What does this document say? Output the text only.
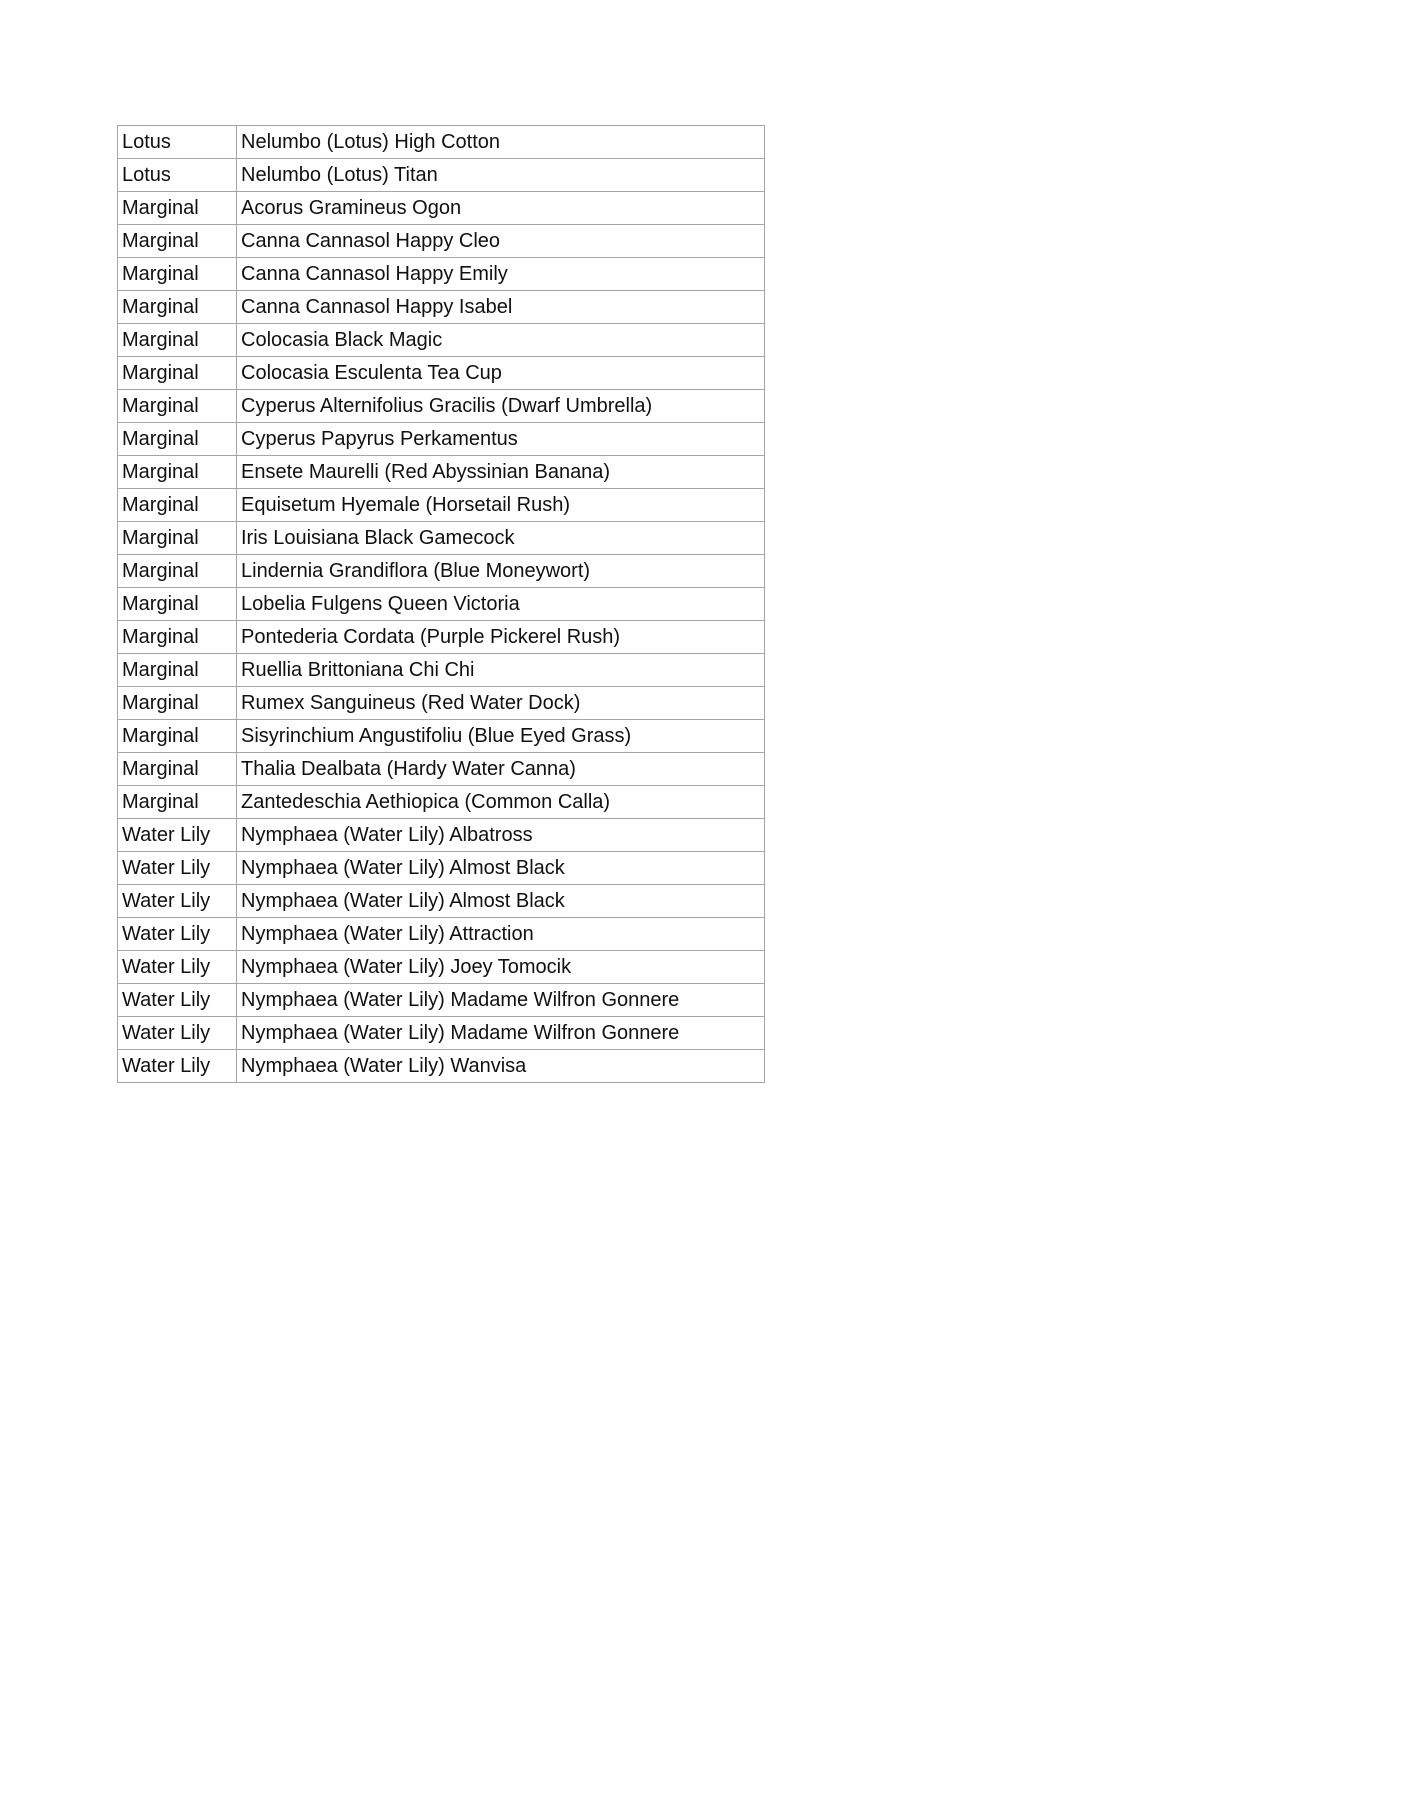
Lotus	Nelumbo (Lotus) High Cotton
Lotus	Nelumbo (Lotus) Titan
Marginal	Acorus Gramineus Ogon
Marginal	Canna Cannasol Happy Cleo
Marginal	Canna Cannasol Happy Emily
Marginal	Canna Cannasol Happy Isabel
Marginal	Colocasia Black Magic
Marginal	Colocasia Esculenta Tea Cup
Marginal	Cyperus Alternifolius Gracilis (Dwarf Umbrella)
Marginal	Cyperus Papyrus Perkamentus
Marginal	Ensete Maurelli (Red Abyssinian Banana)
Marginal	Equisetum Hyemale (Horsetail Rush)
Marginal	Iris Louisiana Black Gamecock
Marginal	Lindernia Grandiflora (Blue Moneywort)
Marginal	Lobelia Fulgens Queen Victoria
Marginal	Pontederia Cordata (Purple Pickerel Rush)
Marginal	Ruellia Brittoniana Chi Chi
Marginal	Rumex Sanguineus (Red Water Dock)
Marginal	Sisyrinchium Angustifoliu (Blue Eyed Grass)
Marginal	Thalia Dealbata (Hardy Water Canna)
Marginal	Zantedeschia Aethiopica (Common Calla)
Water Lily	Nymphaea (Water Lily) Albatross
Water Lily	Nymphaea (Water Lily) Almost Black
Water Lily	Nymphaea (Water Lily) Almost Black
Water Lily	Nymphaea (Water Lily) Attraction
Water Lily	Nymphaea (Water Lily) Joey Tomocik
Water Lily	Nymphaea (Water Lily) Madame Wilfron Gonnere
Water Lily	Nymphaea (Water Lily) Madame Wilfron Gonnere
Water Lily	Nymphaea (Water Lily) Wanvisa
